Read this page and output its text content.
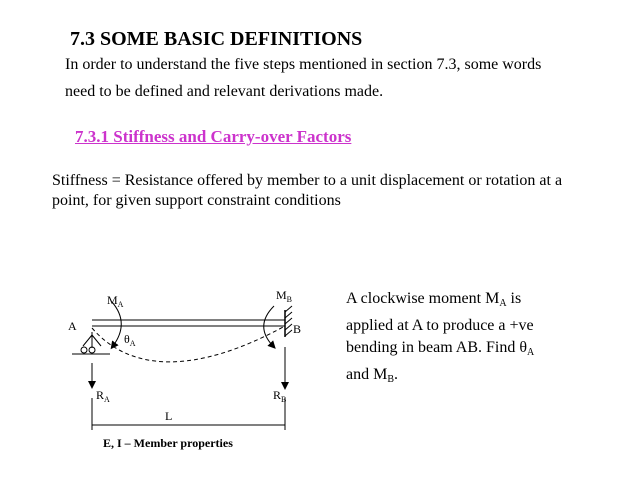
7.3 SOME BASIC DEFINITIONS
In order to understand the five steps mentioned in section 7.3, some words
need to be defined and relevant derivations made.
7.3.1 Stiffness and Carry-over Factors
Stiffness = Resistance offered by member to a unit displacement or rotation at a
point, for given support constraint conditions
A	B
$M_A$
$M_B$
$\theta_A$
$R_A$	$R_B$
L
E, I – Member properties
A clockwise moment $M_A$ is
applied at A to produce a +ve
bending in beam AB. Find $\theta_A$
and $M_B$.
